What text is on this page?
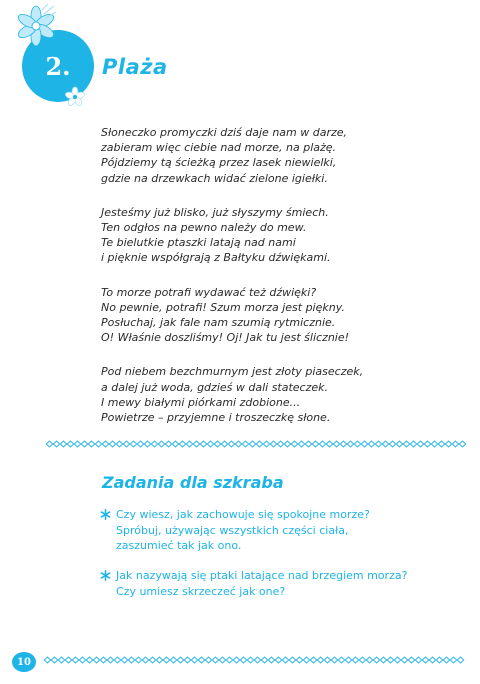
2.	Plaża
Słoneczko promyczki dziś daje nam w darze,
zabieram więc ciebie nad morze, na plażę.
Pójdziemy tą ścieżką przez lasek niewielki,
gdzie na drzewkach widać zielone igiełki.
Jesteśmy już blisko, już słyszymy śmiech.
Ten odgłos na pewno należy do mew.
Te bielutkie ptaszki latają nad nami
i pięknie współgrają z Bałtyku dźwiękami.
To morze potrafi wydawać też dźwięki?
No pewnie, potrafi! Szum morza jest piękny.
Posłuchaj, jak fale nam szumią rytmicznie.
O! Właśnie doszliśmy! Oj! Jak tu jest ślicznie!
Pod niebem bezchmurnym jest złoty piaseczek,
a dalej już woda, gdzieś w dali stateczek.
I mewy białymi piórkami zdobione...
Powietrze – przyjemne i troszeczkę słone.
Zadania dla szkraba
Czy wiesz, jak zachowuje się spokojne morze?
Spróbuj, używając wszystkich części ciała,
zaszumieć tak jak ono.
Jak nazywają się ptaki latające nad brzegiem morza?
Czy umiesz skrzeczeć jak one?
10
